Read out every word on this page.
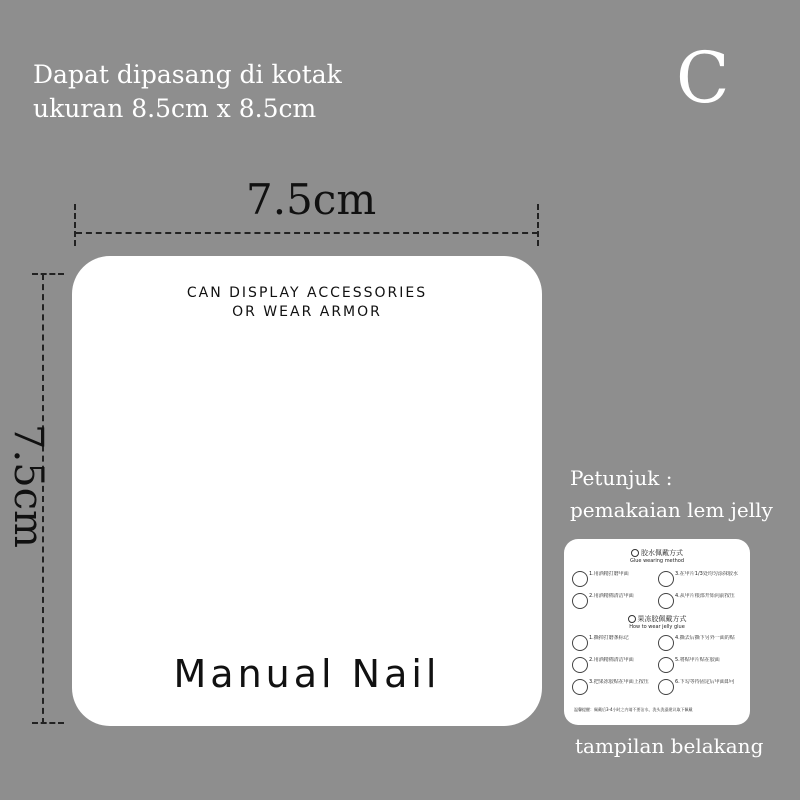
Dapat dipasang di kotak
ukuran 8.5cm x 8.5cm	C
7.5cm
7.5cm
CAN DISPLAY ACCESSORIES
OR WEAR ARMOR
Manual Nail
Petunjuk :
pemakaian lem jelly
胶水佩戴方式
Glue wearing method
1.用酒精打磨甲面	3.在甲片1/3处均匀涂抹胶水
2.用酒精棉清洁甲面	4.从甲片根部开始向前按压
果冻胶佩戴方式
How to wear jelly glue
1.撕掉打磨条标记	4.撕去后撕下另外一面的贴
2.用酒精棉清洁甲面	5.将贴甲片贴在胶面
3.把果冻胶贴在甲面上按压	6.下勾等待固定后甲面即可
温馨提醒：佩戴后3-4小时之内请不要沾水，洗头洗澡建议取下佩戴
tampilan belakang
